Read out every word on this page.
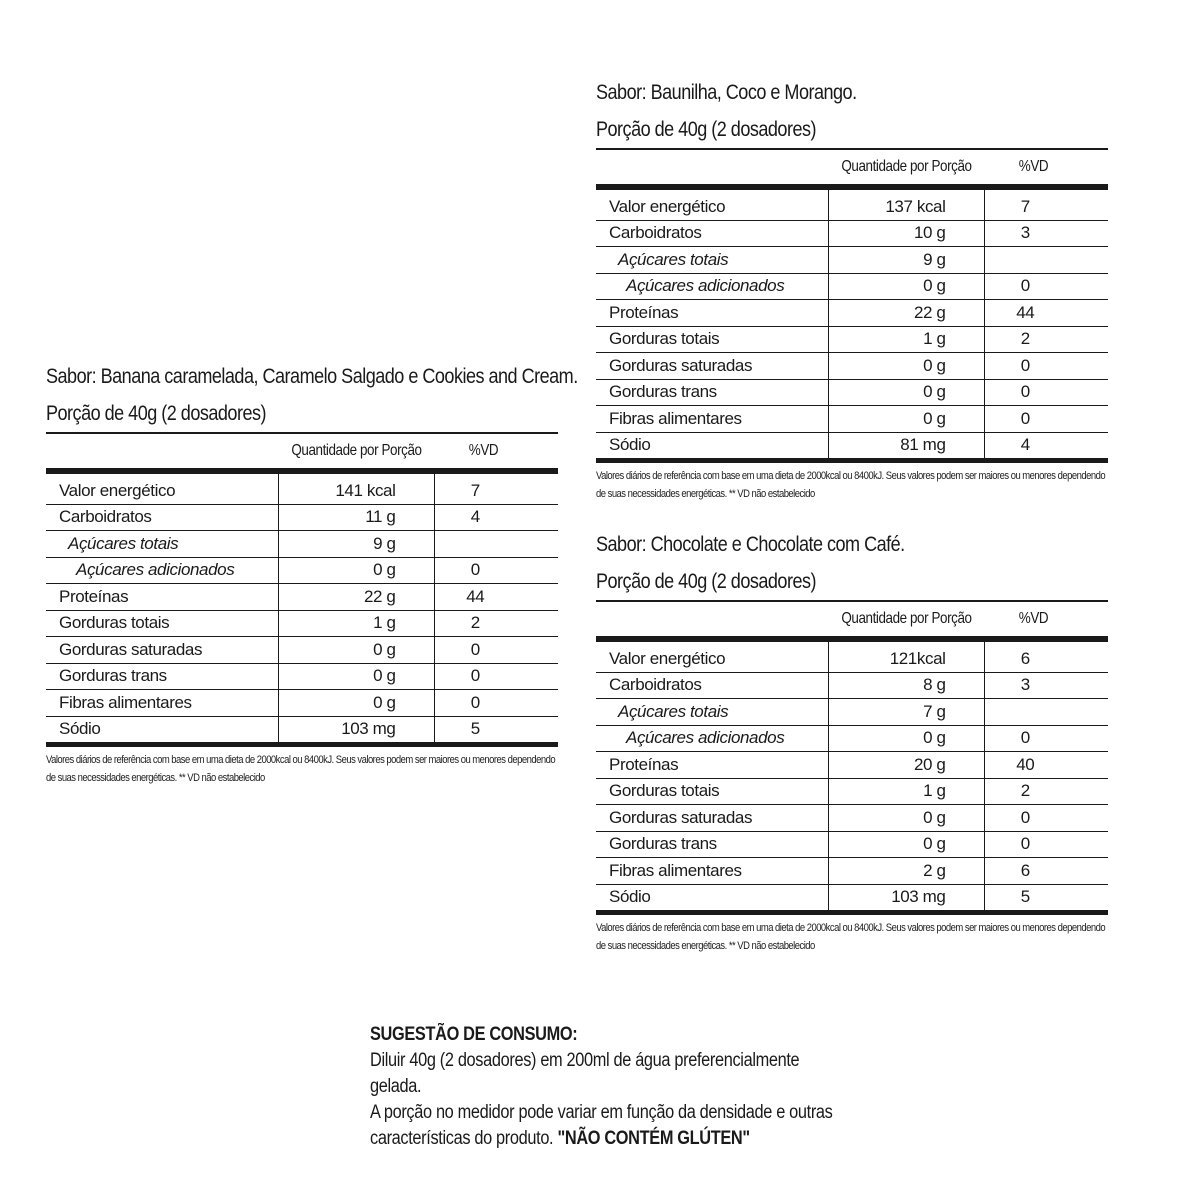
Sabor: Baunilha, Coco e Morango.
Porção de 40g (2 dosadores)
	Quantidade por Porção	%VD
Valor energético	137 kcal	7
Carboidratos	10 g	3
Açúcares totais	9 g	
Açúcares adicionados	0 g	0
Proteínas	22 g	44
Gorduras totais	1 g	2
Gorduras saturadas	0 g	0
Gorduras trans	0 g	0
Fibras alimentares	0 g	0
Sódio	81 mg	4
Valores diários de referência com base em uma dieta de 2000kcal ou 8400kJ. Seus valores podem ser maiores ou menores dependendo de suas necessidades energéticas. ** VD não estabelecido
Sabor: Banana caramelada, Caramelo Salgado e Cookies and Cream.
Porção de 40g (2 dosadores)
	Quantidade por Porção	%VD
Valor energético	141 kcal	7
Carboidratos	11 g	4
Açúcares totais	9 g	
Açúcares adicionados	0 g	0
Proteínas	22 g	44
Gorduras totais	1 g	2
Gorduras saturadas	0 g	0
Gorduras trans	0 g	0
Fibras alimentares	0 g	0
Sódio	103 mg	5
Valores diários de referência com base em uma dieta de 2000kcal ou 8400kJ. Seus valores podem ser maiores ou menores dependendo de suas necessidades energéticas. ** VD não estabelecido
Sabor: Chocolate e Chocolate com Café.
Porção de 40g (2 dosadores)
	Quantidade por Porção	%VD
Valor energético	121kcal	6
Carboidratos	8 g	3
Açúcares totais	7 g	
Açúcares adicionados	0 g	0
Proteínas	20 g	40
Gorduras totais	1 g	2
Gorduras saturadas	0 g	0
Gorduras trans	0 g	0
Fibras alimentares	2 g	6
Sódio	103 mg	5
Valores diários de referência com base em uma dieta de 2000kcal ou 8400kJ. Seus valores podem ser maiores ou menores dependendo de suas necessidades energéticas. ** VD não estabelecido
SUGESTÃO DE CONSUMO:
Diluir 40g (2 dosadores) em 200ml de água preferencialmente gelada.
A porção no medidor pode variar em função da densidade e outras características do produto. "NÃO CONTÉM GLÚTEN"
